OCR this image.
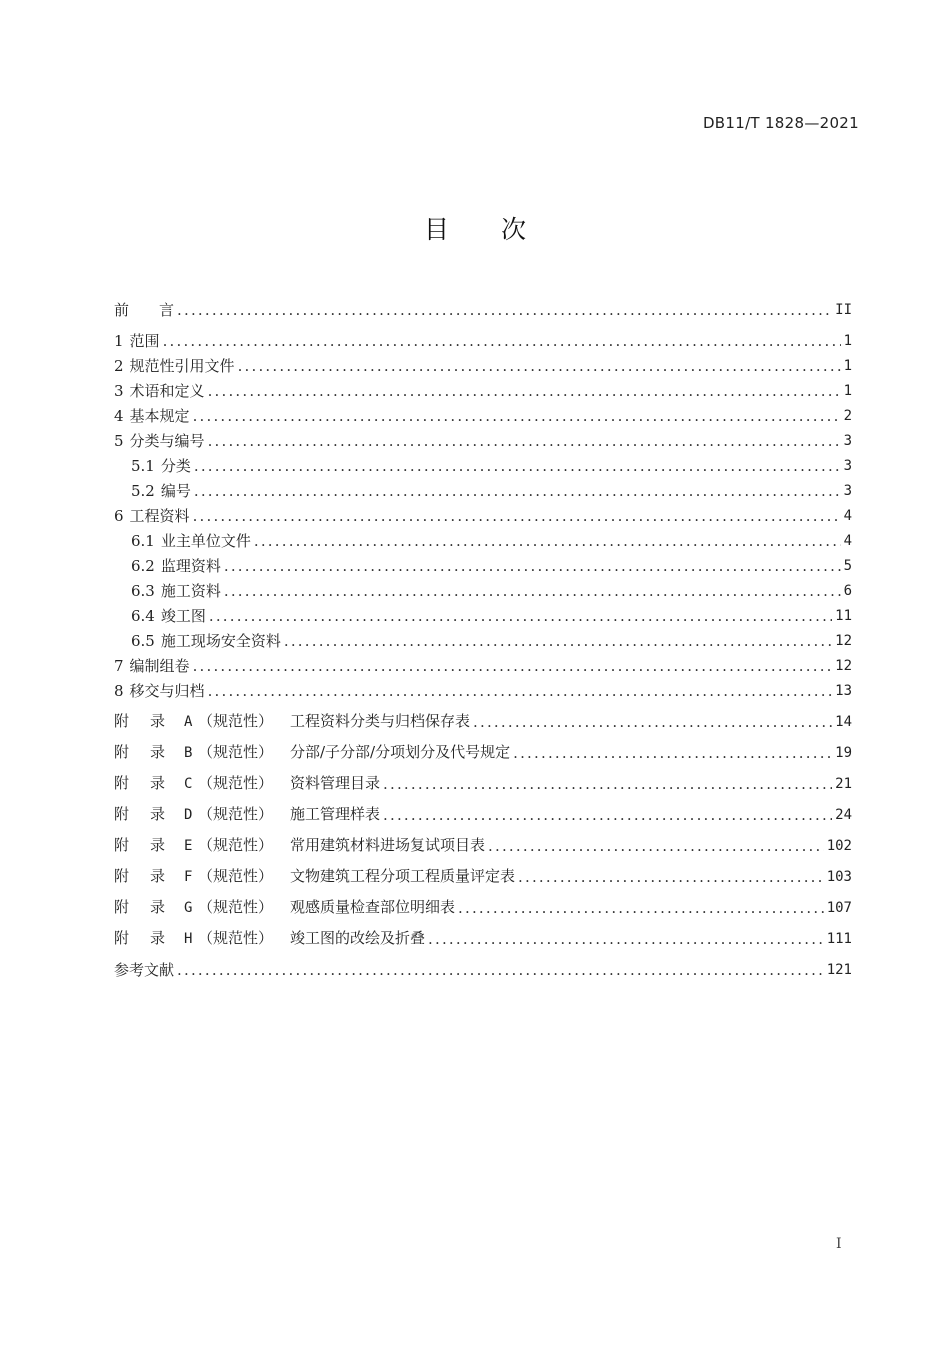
DB11/T 1828—2021
目次
前　　言 .....	II
1 范围 .....	1
2 规范性引用文件 .....	1
3 术语和定义 .....	1
4 基本规定 .....	2
5 分类与编号 .....	3
5.1 分类 .....	3
5.2 编号 .....	3
6 工程资料 .....	4
6.1 业主单位文件 .....	4
6.2 监理资料 .....	5
6.3 施工资料 .....	6
6.4 竣工图 .....	11
6.5 施工现场安全资料 .....	12
7 编制组卷 .....	12
8 移交与归档 .....	13
附 录 A （规范性） 工程资料分类与归档保存表 .....	14
附 录 B （规范性） 分部/子分部/分项划分及代号规定 .....	19
附 录 C （规范性） 资料管理目录 .....	21
附 录 D （规范性） 施工管理样表 .....	24
附 录 E （规范性） 常用建筑材料进场复试项目表 .....	102
附 录 F （规范性） 文物建筑工程分项工程质量评定表 .....	103
附 录 G （规范性） 观感质量检查部位明细表 .....	107
附 录 H （规范性） 竣工图的改绘及折叠 .....	111
参考文献 .....	121
I
